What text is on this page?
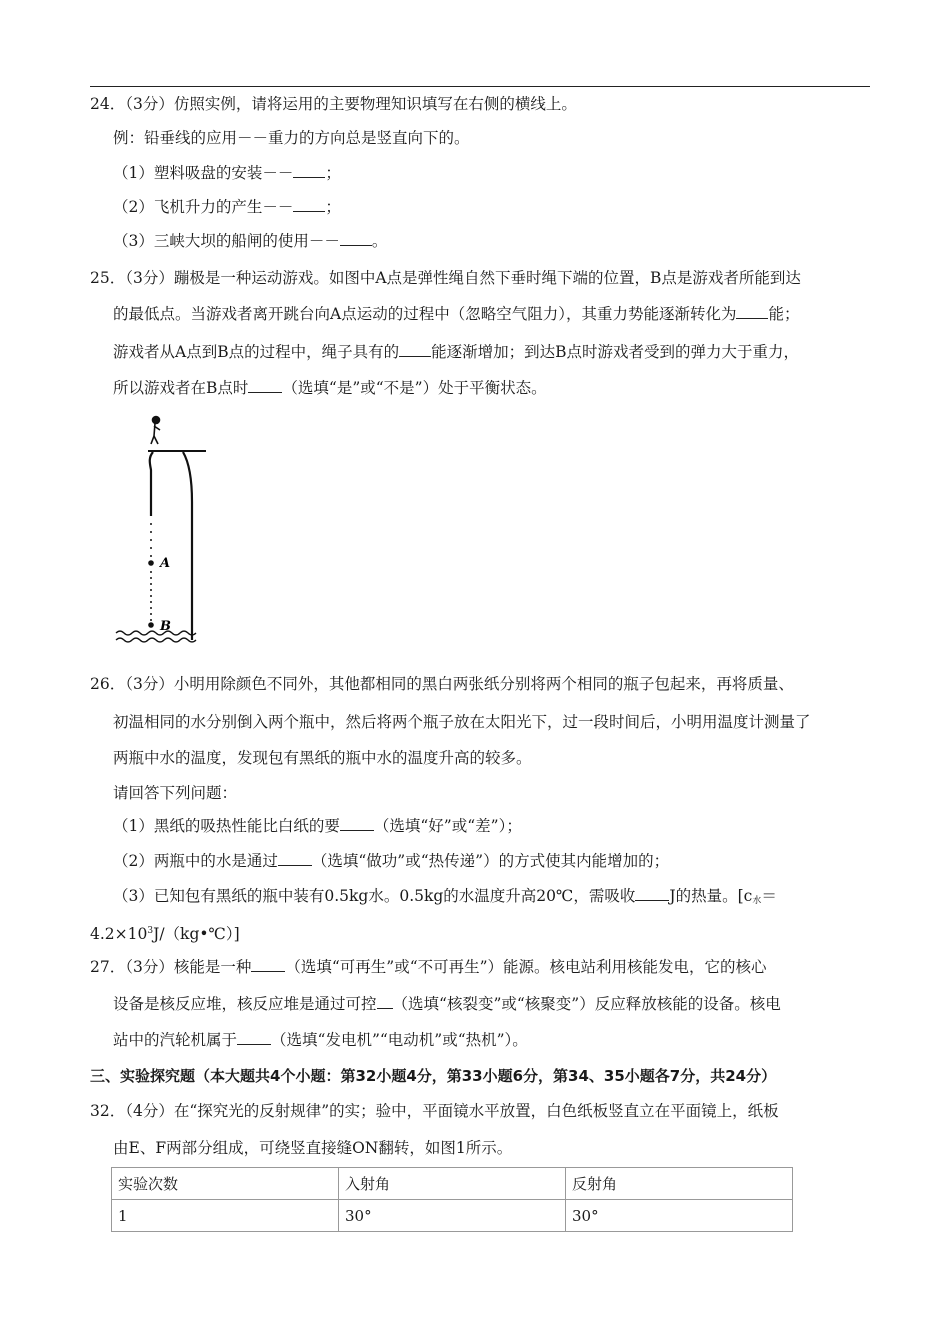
24．（3分）仿照实例，请将运用的主要物理知识填写在右侧的横线上。
例：铅垂线的应用－－重力的方向总是竖直向下的。
（1）塑料吸盘的安装－－ ；
（2）飞机升力的产生－－ ；
（3）三峡大坝的船闸的使用－－ 。
25．（3分）蹦极是一种运动游戏。如图中A点是弹性绳自然下垂时绳下端的位置，B点是游戏者所能到达
的最低点。当游戏者离开跳台向A点运动的过程中（忽略空气阻力），其重力势能逐渐转化为 能；
游戏者从A点到B点的过程中，绳子具有的 能逐渐增加；到达B点时游戏者受到的弹力大于重力，
所以游戏者在B点时 （选填“是”或“不是”）处于平衡状态。
A
B
26．（3分）小明用除颜色不同外，其他都相同的黑白两张纸分别将两个相同的瓶子包起来，再将质量、
初温相同的水分别倒入两个瓶中，然后将两个瓶子放在太阳光下，过一段时间后，小明用温度计测量了
两瓶中水的温度，发现包有黑纸的瓶中水的温度升高的较多。
请回答下列问题：
（1）黑纸的吸热性能比白纸的要 （选填“好”或“差”）；
（2）两瓶中的水是通过 （选填“做功”或“热传递”）的方式使其内能增加的；
（3）已知包有黑纸的瓶中装有0.5kg水。0.5kg的水温度升高20℃，需吸收 J的热量。[$c_水=$
$4.2\times 10^3J/(kg•℃)$]
27．（3分）核能是一种 （选填“可再生”或“不可再生”）能源。核电站利用核能发电，它的核心
设备是核反应堆，核反应堆是通过可控 （选填“核裂变”或“核聚变”）反应释放核能的设备。核电
站中的汽轮机属于 （选填“发电机”“电动机”或“热机”）。
三、实验探究题（本大题共4个小题：第32小题4分，第33小题6分，第34、35小题各7分，共24分）
32．（4分）在“探究光的反射规律”的实；验中，平面镜水平放置，白色纸板竖直立在平面镜上，纸板
由E、F两部分组成，可绕竖直接缝ON翻转，如图1所示。
实验次数	入射角	反射角
1	30°	30°
